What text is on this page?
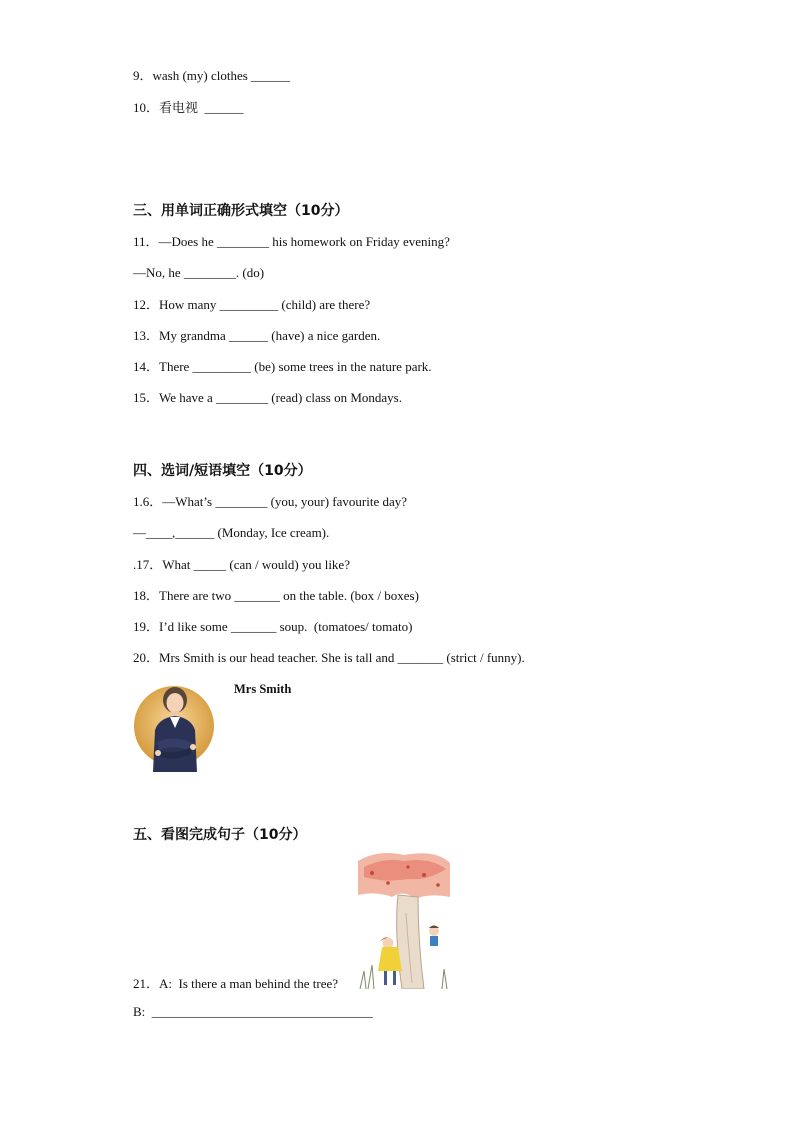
9．wash (my) clothes ______
10．看电视  ______
三、用单词正确形式填空（10分）
11．—Does he ________ his homework on Friday evening?
—No, he ________. (do)
12．How many _________ (child) are there?
13．My grandma ______ (have) a nice garden.
14．There _________ (be) some trees in the nature park.
15．We have a ________ (read) class on Mondays.
四、选词/短语填空（10分）
1.6．—What’s ________ (you, your) favourite day?
—____,______ (Monday, Ice cream).
.17．What _____ (can / would) you like?
18．There are two _______ on the table. (box / boxes)
19．I’d like some _______ soup.  (tomatoes/ tomato)
20．Mrs Smith is our head teacher. She is tall and _______ (strict / funny).
Mrs Smith
五、看图完成句子（10分）
21．A:  Is there a man behind the tree?
B:  __________________________________
